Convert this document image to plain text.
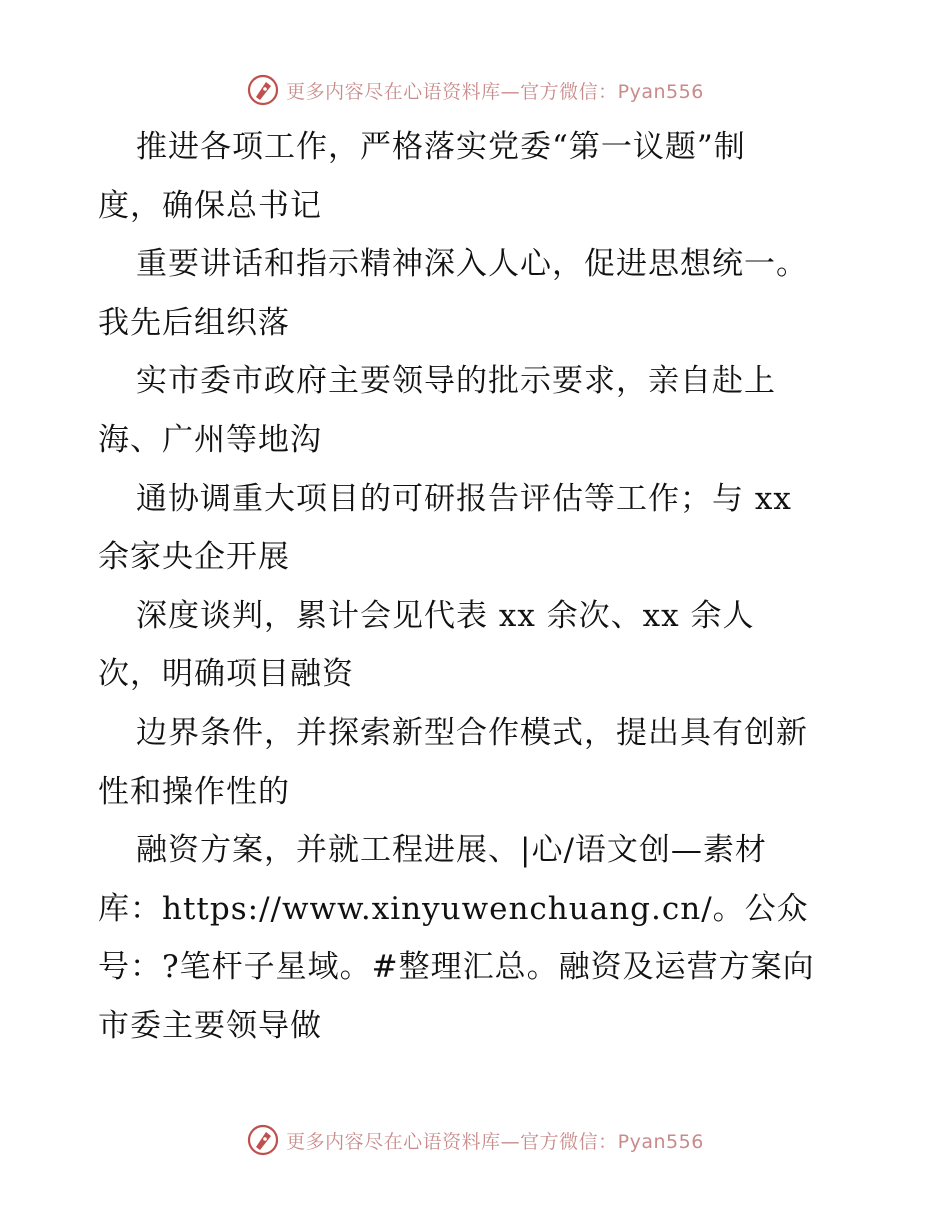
更多内容尽在心语资料库—官方微信：Pyan556
推进各项工作，严格落实党委“第一议题”制
度，确保总书记
重要讲话和指示精神深入人心，促进思想统一。
我先后组织落
实市委市政府主要领导的批示要求，亲自赴上
海、广州等地沟
通协调重大项目的可研报告评估等工作；与 xx
余家央企开展
深度谈判，累计会见代表 xx 余次、xx 余人
次，明确项目融资
边界条件，并探索新型合作模式，提出具有创新
性和操作性的
融资方案，并就工程进展、|心/语文创—素材
库：https://www.xinyuwenchuang.cn/。公众
号：?笔杆子星域。#整理汇总。融资及运营方案向
市委主要领导做
更多内容尽在心语资料库—官方微信：Pyan556
